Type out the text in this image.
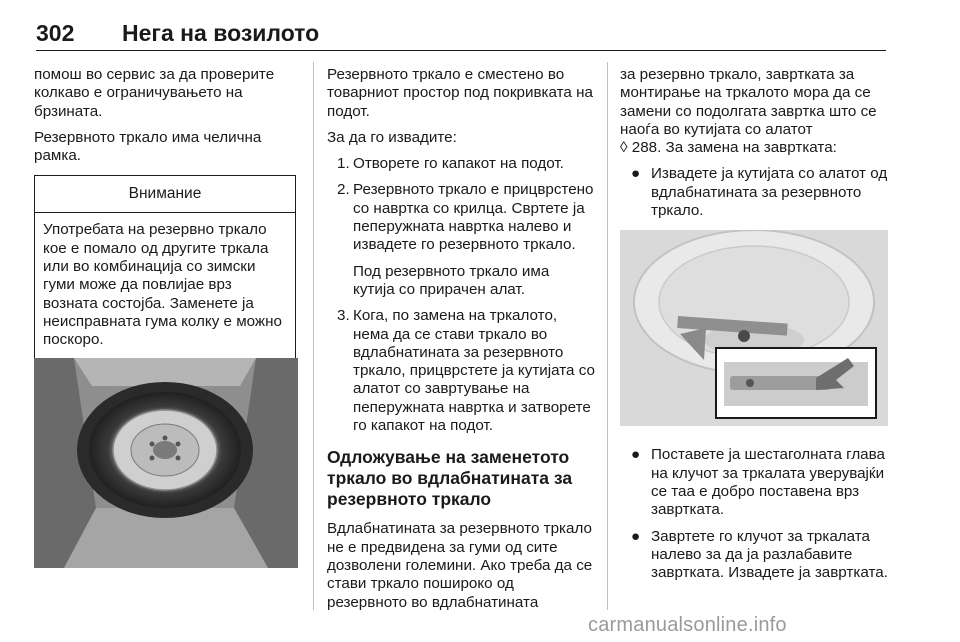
302 Нега на возилото

помош во сервис за да проверите колкаво е ограничувањето на брзината.

Резервното тркало има челична рамка.

Внимание
Употребата на резервно тркало кое е помало од другите тркала или во комбинација со зимски гуми може да повлијае врз возната состојба. Заменете ја неисправната гума колку е можно поскоро.

Резервното тркало е сместено во товарниот простор под покривката на подот.

За да го извадите:

1. Отворете го капакот на подот.
2. Резервното тркало е прицврстено со навртка со крилца. Свртете ја пеперужната навртка налево и извадете го резервното тркало.
Под резервното тркало има кутија со прирачен алат.
3. Кога, по замена на тркалото, нема да се стави тркало во вдлабнатината за резервното тркало, прицврстете ја кутијата со алатот со завртување на пеперужната навртка и затворете го капакот на подот.
Одложување на заменетото тркало во вдлабнатината за резервното тркало

Вдлабнатината за резервното тркало не е предвидена за гуми од сите дозволени големини. Ако треба да се стави тркало пошироко од резервното во вдлабнатината

за резервно тркало, завртката за монтирање на тркалото мора да се замени со подолгата завртка што се наоѓа во кутијата со алатот
◊ 288. За замена на завртката:

● Извадете ја кутијата со алатот од вдлабнатината за резервното тркало.
● Поставете ја шестаголната глава на клучот за тркалата уверувајќи се таа е добро поставена врз завртката.
● Завртете го клучот за тркалата налево за да ја разлабавите завртката. Извадете ја завртката.
carmanualsonline.info
